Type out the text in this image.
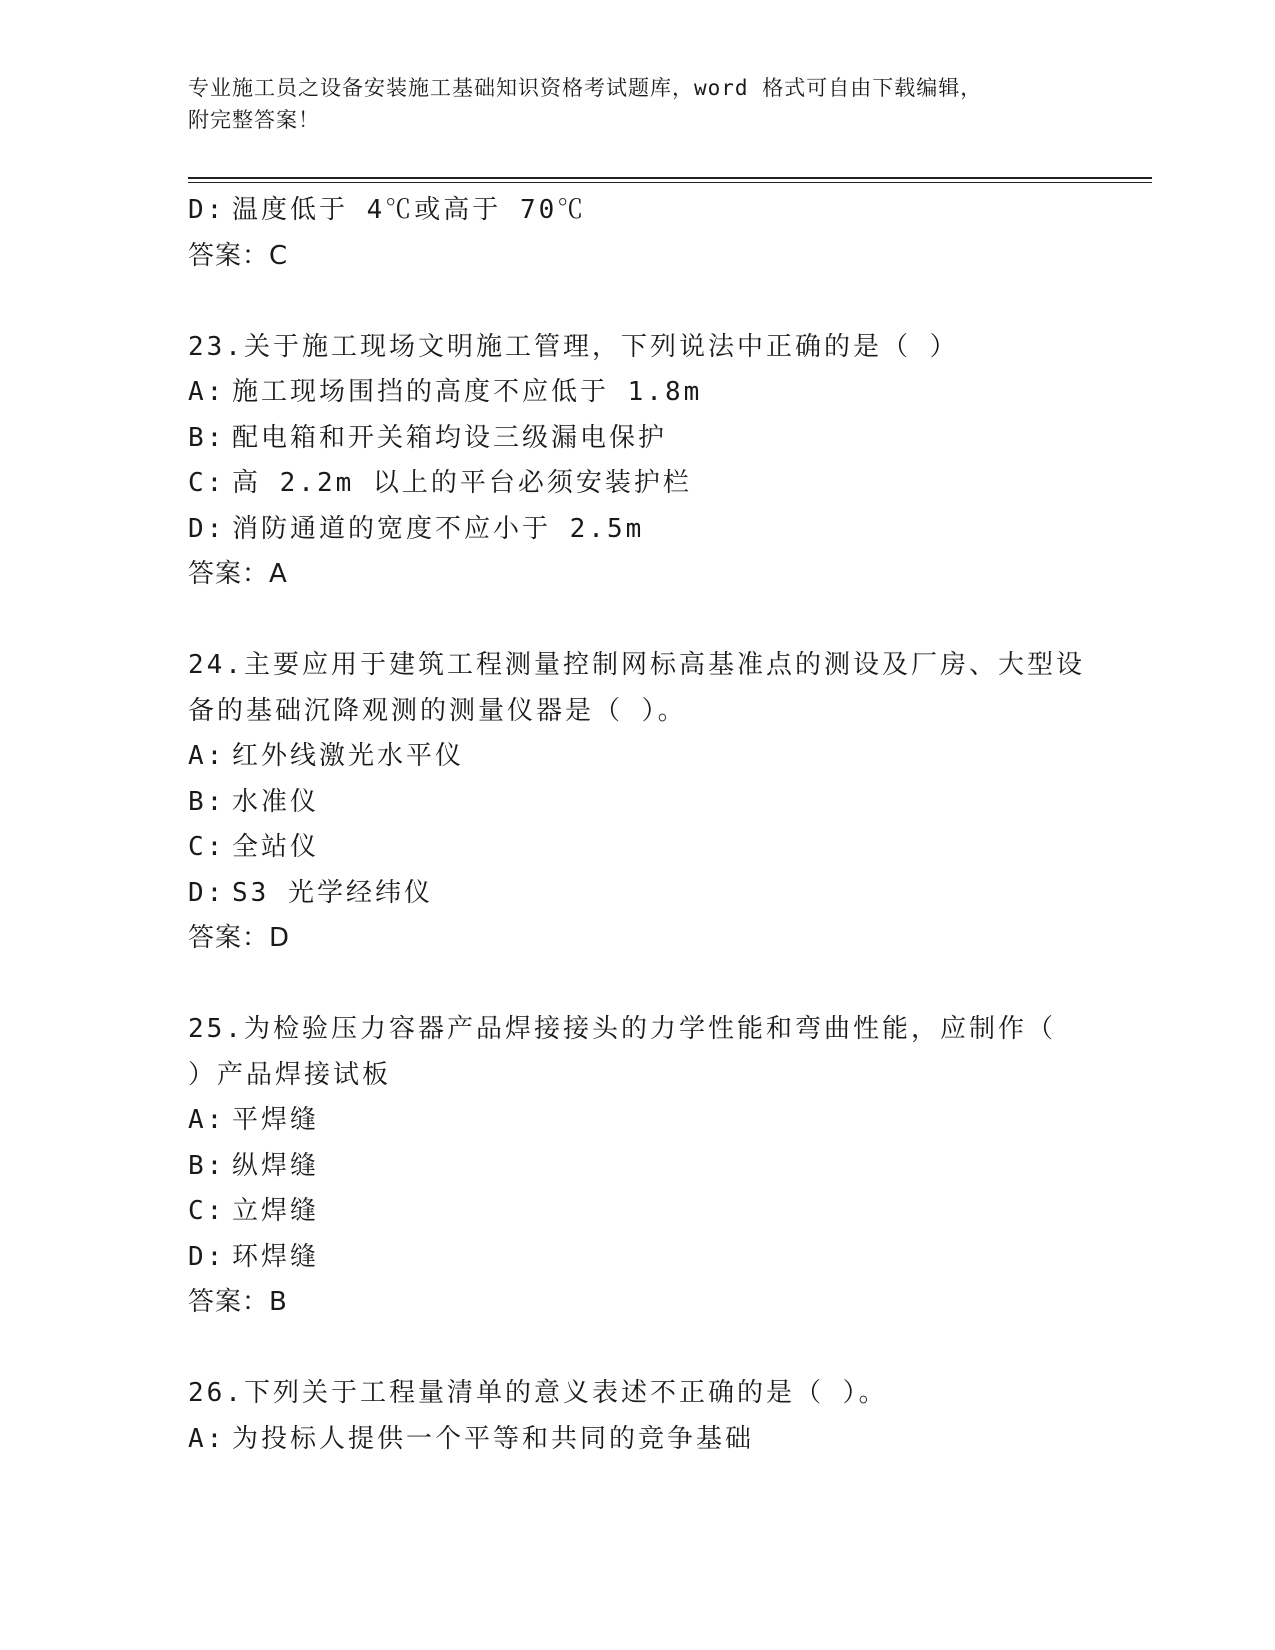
专业施工员之设备安装施工基础知识资格考试题库，word 格式可自由下载编辑，
附完整答案！
D: 温度低于 4℃或高于 70℃
答案：C
23.关于施工现场文明施工管理，下列说法中正确的是（ ）
A: 施工现场围挡的高度不应低于 1.8m
B: 配电箱和开关箱均设三级漏电保护
C: 高 2.2m 以上的平台必须安装护栏
D: 消防通道的宽度不应小于 2.5m
答案：A
24.主要应用于建筑工程测量控制网标高基准点的测设及厂房、大型设
备的基础沉降观测的测量仪器是（ ）。
A: 红外线激光水平仪
B: 水准仪
C: 全站仪
D: S3 光学经纬仪
答案：D
25.为检验压力容器产品焊接接头的力学性能和弯曲性能，应制作（
）产品焊接试板
A: 平焊缝
B: 纵焊缝
C: 立焊缝
D: 环焊缝
答案：B
26.下列关于工程量清单的意义表述不正确的是（ ）。
A: 为投标人提供一个平等和共同的竞争基础
